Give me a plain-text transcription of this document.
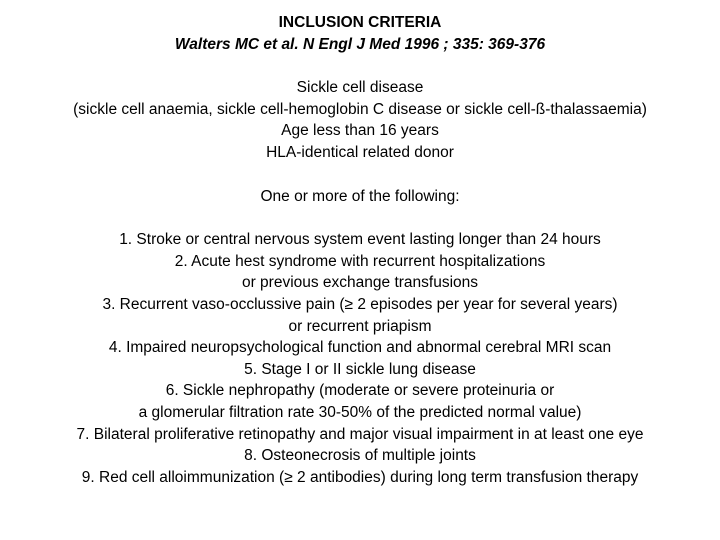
INCLUSION CRITERIA
Walters MC et al. N Engl J Med 1996 ; 335: 369-376
Sickle cell disease
(sickle cell anaemia, sickle cell-hemoglobin C disease or sickle cell-ß-thalassaemia)
Age less than 16 years
HLA-identical related donor
One or more of the following:
1. Stroke or central nervous system event lasting longer than 24 hours
2. Acute hest syndrome with recurrent hospitalizations
or previous exchange transfusions
3. Recurrent vaso-occlussive pain (≥ 2 episodes per year for several years)
or recurrent priapism
4. Impaired neuropsychological function and abnormal cerebral MRI scan
5. Stage I or II sickle lung disease
6. Sickle nephropathy (moderate or severe proteinuria or
a glomerular filtration rate 30-50% of the predicted normal value)
7. Bilateral proliferative retinopathy and major visual impairment in at least one eye
8. Osteonecrosis of multiple joints
9. Red cell alloimmunization (≥ 2 antibodies) during long term transfusion therapy
